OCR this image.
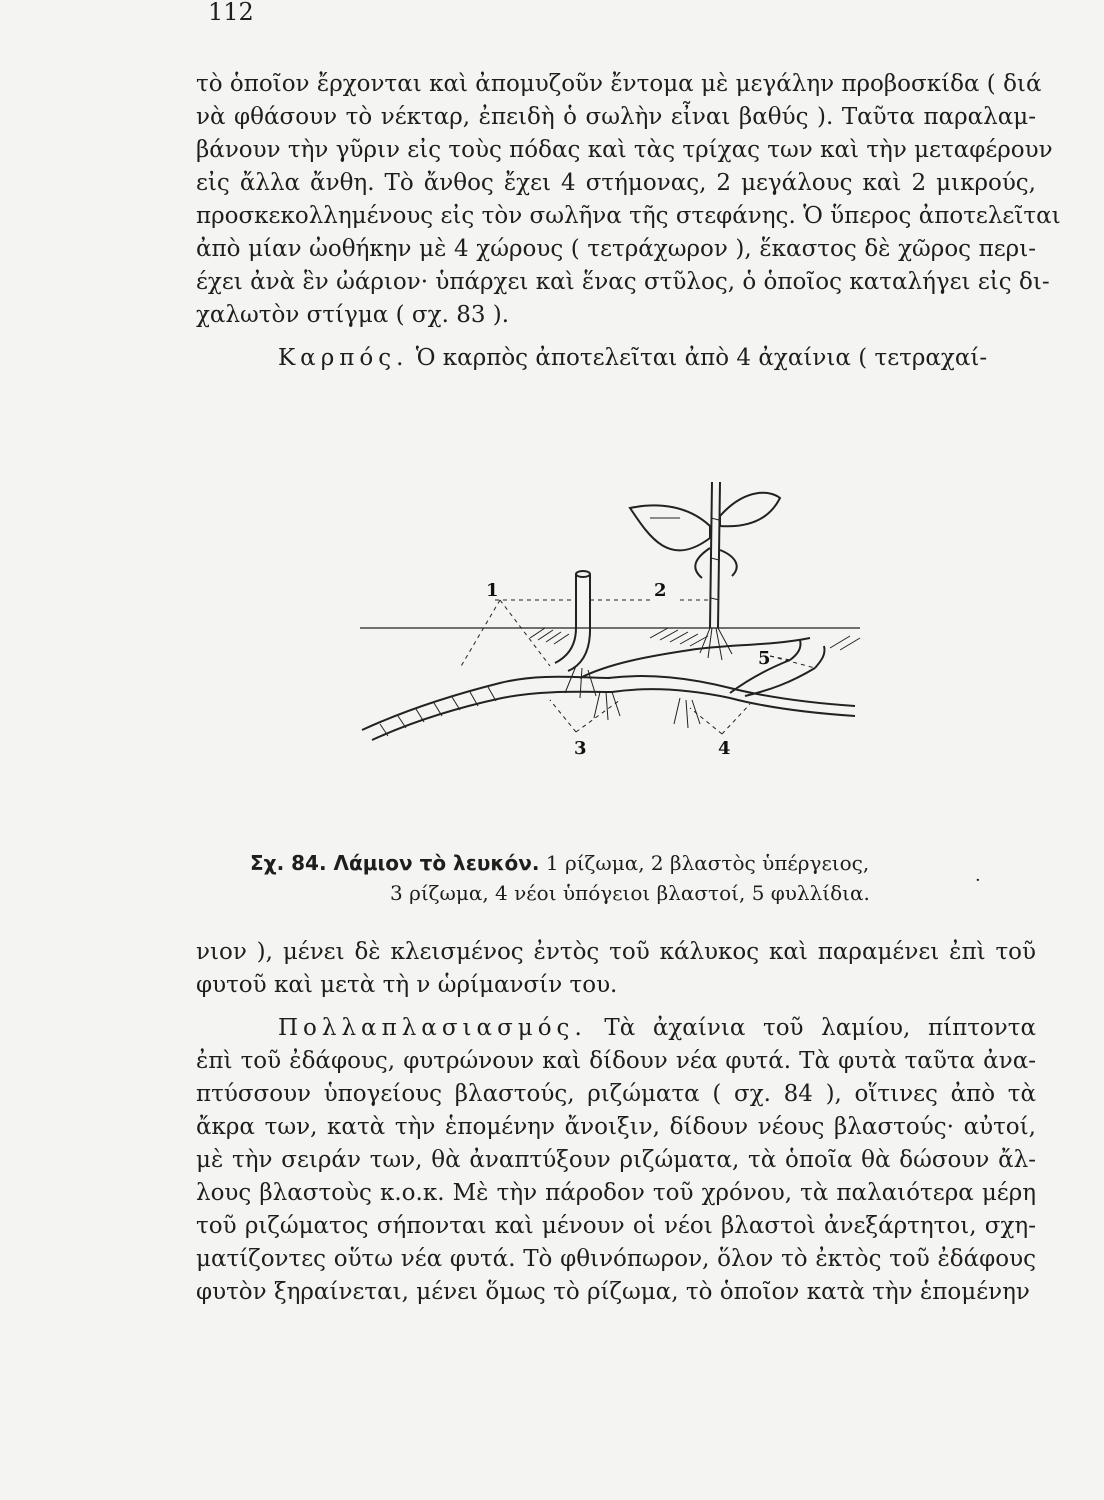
112

τὸ ὁποῖον ἔρχονται καὶ ἀπομυζοῦν ἔντομα μὲ μεγάλην προβοσκίδα ( διά
νὰ φθάσουν τὸ νέκταρ, ἐπειδὴ ὁ σωλὴν εἶναι βαθύς ). Ταῦτα παραλαμ-
βάνουν τὴν γῦριν εἰς τοὺς πόδας καὶ τὰς τρίχας των καὶ τὴν μεταφέρουν
εἰς ἄλλα ἄνθη. Τὸ ἄνθος ἔχει 4 στήμονας, 2 μεγάλους καὶ 2 μικρούς,
προσκεκολλημένους εἰς τὸν σωλῆνα τῆς στεφάνης. Ὁ ὕπερος ἀποτελεῖται
ἀπὸ μίαν ὠοθήκην μὲ 4 χώρους ( τετράχωρον ), ἕκαστος δὲ χῶρος περι-
έχει ἀνὰ ἓν ὠάριον· ὑπάρχει καὶ ἕνας στῦλος, ὁ ὁποῖος καταλήγει εἰς δι-
χαλωτὸν στίγμα ( σχ. 83 ).

Καρπός. Ὁ καρπὸς ἀποτελεῖται ἀπὸ 4 ἀχαίνια ( τετραχαί-

1	2
3	4
5
Σχ. 84. Λάμιον τὸ λευκόν. 1 ρίζωμα, 2 βλαστὸς ὑπέργειος,
3 ρίζωμα, 4 νέοι ὑπόγειοι βλαστοί, 5 φυλλίδια.
·

νιον ), μένει δὲ κλεισμένος ἐντὸς τοῦ κάλυκος καὶ παραμένει ἐπὶ τοῦ
φυτοῦ καὶ μετὰ τὴ ν ὡρίμανσίν του.

Πολλαπλασιασμός. Τὰ ἀχαίνια τοῦ λαμίου, πίπτοντα
ἐπὶ τοῦ ἐδάφους, φυτρώνουν καὶ δίδουν νέα φυτά. Τὰ φυτὰ ταῦτα ἀνα-
πτύσσουν ὑπογείους βλαστούς, ριζώματα ( σχ. 84 ), οἵτινες ἀπὸ τὰ
ἄκρα των, κατὰ τὴν ἑπομένην ἄνοιξιν, δίδουν νέους βλαστούς· αὐτοί,
μὲ τὴν σειράν των, θὰ ἀναπτύξουν ριζώματα, τὰ ὁποῖα θὰ δώσουν ἄλ-
λους βλαστοὺς κ.ο.κ. Μὲ τὴν πάροδον τοῦ χρόνου, τὰ παλαιότερα μέρη
τοῦ ριζώματος σήπονται καὶ μένουν οἱ νέοι βλαστοὶ ἀνεξάρτητοι, σχη-
ματίζοντες οὕτω νέα φυτά. Τὸ φθινόπωρον, ὅλον τὸ ἐκτὸς τοῦ ἐδάφους
φυτὸν ξηραίνεται, μένει ὅμως τὸ ρίζωμα, τὸ ὁποῖον κατὰ τὴν ἑπομένην
